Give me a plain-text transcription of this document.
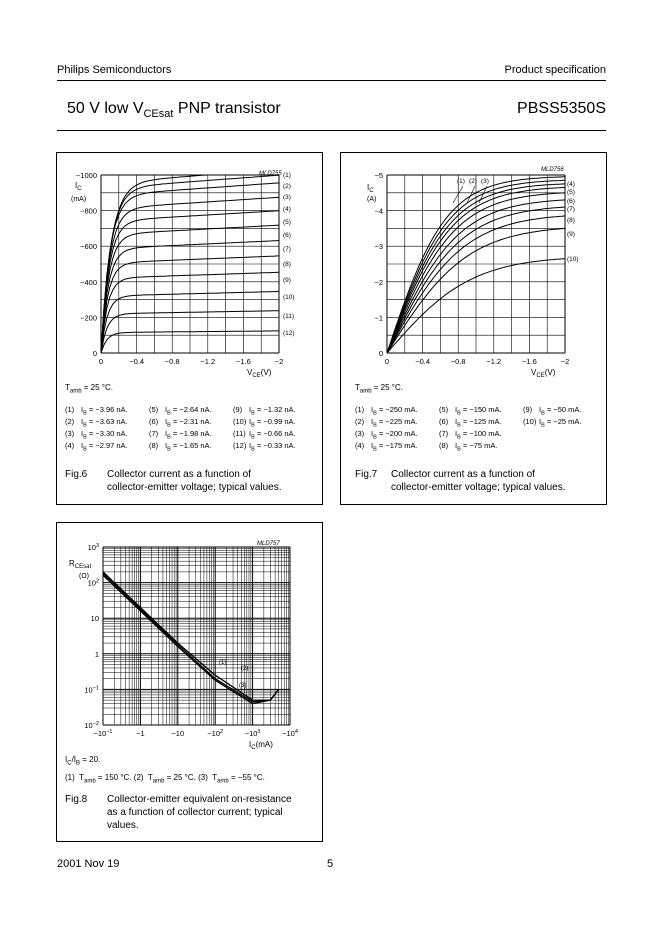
Philips Semiconductors	Product specification
50 V low $V_{CEsat}$ PNP transistor	PBSS5350S
MLD755
$I_C$
(mA)
$V_{CE}(V)$
−1000
−800
−600
−400
−200
0
0	−0.4	−0.8	−1.2	−1.6	−2
(1)
(2)
(3)
(4)
(5)
(6)
(7)
(8)
(9)
(10)
(11)
(12)
$T_{amb} = 25$ °C.
(1) $I_B = -3.96$ nA.	(5) $I_B = -2.64$ nA.	(9) $I_B = -1.32$ nA.
(2) $I_B = -3.63$ nA.	(6) $I_B = -2.31$ nA.	(10) $I_B = -0.99$ nA.
(3) $I_B = -3.30$ nA.	(7) $I_B = -1.98$ nA.	(11) $I_B = -0.66$ nA.
(4) $I_B = -2.97$ nA.	(8) $I_B = -1.65$ nA.	(12) $I_B = -0.33$ nA.
Fig.6 Collector current as a function of
collector-emitter voltage; typical values.
MLD756
$I_C$
(A)
$V_{CE}(V)$
−5
−4
−3
−2
−1
0
0	−0.4	−0.8	−1.2	−1.6	−2
(1) (2) (3)	(4)
(5)
(6)
(7)
(8)
(9)
(10)
$T_{amb} = 25$ °C.
(1) $I_B = -250$ mA.	(5) $I_B = -150$ mA.	(9) $I_B = -50$ mA.
(2) $I_B = -225$ mA.	(6) $I_B = -125$ mA.	(10) $I_B = -25$ mA.
(3) $I_B = -200$ mA.	(7) $I_B = -100$ mA.
(4) $I_B = -175$ mA.	(8) $I_B = -75$ mA.
Fig.7 Collector current as a function of
collector-emitter voltage; typical values.
MLD757
$R_{CEsat}$
(Ω)
$I_C(mA)$
$10^3$
$10^2$
10
1
$10^{-1}$
$10^{-2}$
$-10^{-1}$	−1	−10	$-10^2$	$-10^3$	$-10^4$
(1)
(2)
(3)
$I_C/I_B = 20$.
(1) $T_{amb} = 150$ °C. (2) $T_{amb} = 25$ °C. (3) $T_{amb} = -55$ °C.
Fig.8 Collector-emitter equivalent on-resistance
as a function of collector current; typical
values.
2001 Nov 19	5
